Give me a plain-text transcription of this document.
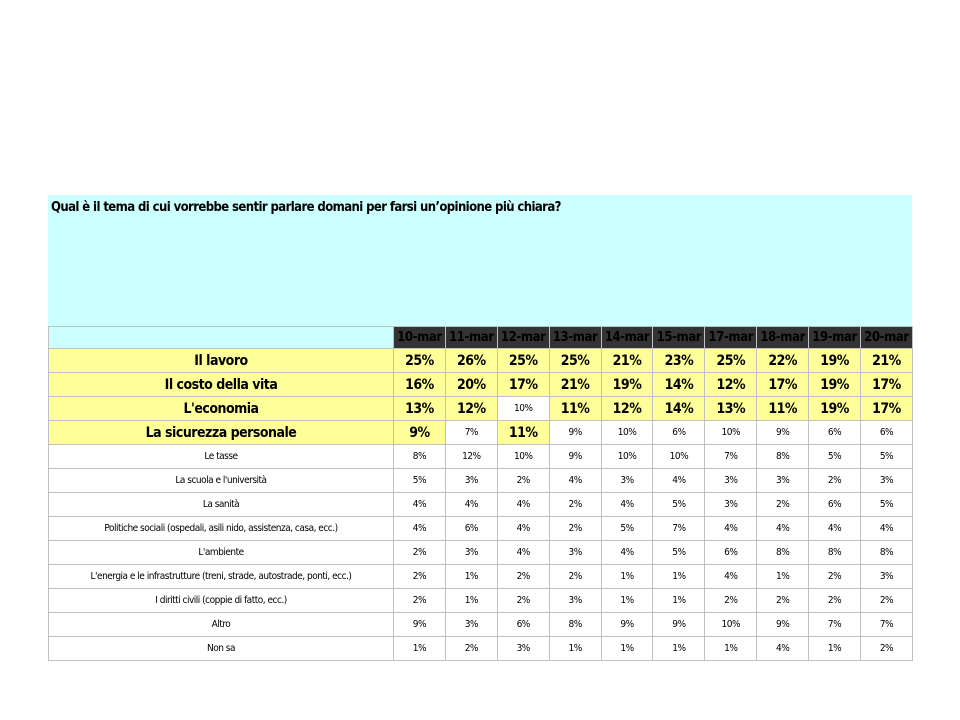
Qual è il tema di cui vorrebbe sentir parlare domani per farsi un’opinione più chiara?
	10-mar	11-mar	12-mar	13-mar	14-mar	15-mar	17-mar	18-mar	19-mar	20-mar
Il lavoro	25%	26%	25%	25%	21%	23%	25%	22%	19%	21%
Il costo della vita	16%	20%	17%	21%	19%	14%	12%	17%	19%	17%
L'economia	13%	12%	10%	11%	12%	14%	13%	11%	19%	17%
La sicurezza personale	9%	7%	11%	9%	10%	6%	10%	9%	6%	6%
Le tasse	8%	12%	10%	9%	10%	10%	7%	8%	5%	5%
La scuola e l'università	5%	3%	2%	4%	3%	4%	3%	3%	2%	3%
La sanità	4%	4%	4%	2%	4%	5%	3%	2%	6%	5%
Politiche sociali (ospedali, asili nido, assistenza, casa, ecc.)	4%	6%	4%	2%	5%	7%	4%	4%	4%	4%
L'ambiente	2%	3%	4%	3%	4%	5%	6%	8%	8%	8%
L'energia e le infrastrutture (treni, strade, autostrade, ponti, ecc.)	2%	1%	2%	2%	1%	1%	4%	1%	2%	3%
I diritti civili (coppie di fatto, ecc.)	2%	1%	2%	3%	1%	1%	2%	2%	2%	2%
Altro	9%	3%	6%	8%	9%	9%	10%	9%	7%	7%
Non sa	1%	2%	3%	1%	1%	1%	1%	4%	1%	2%
